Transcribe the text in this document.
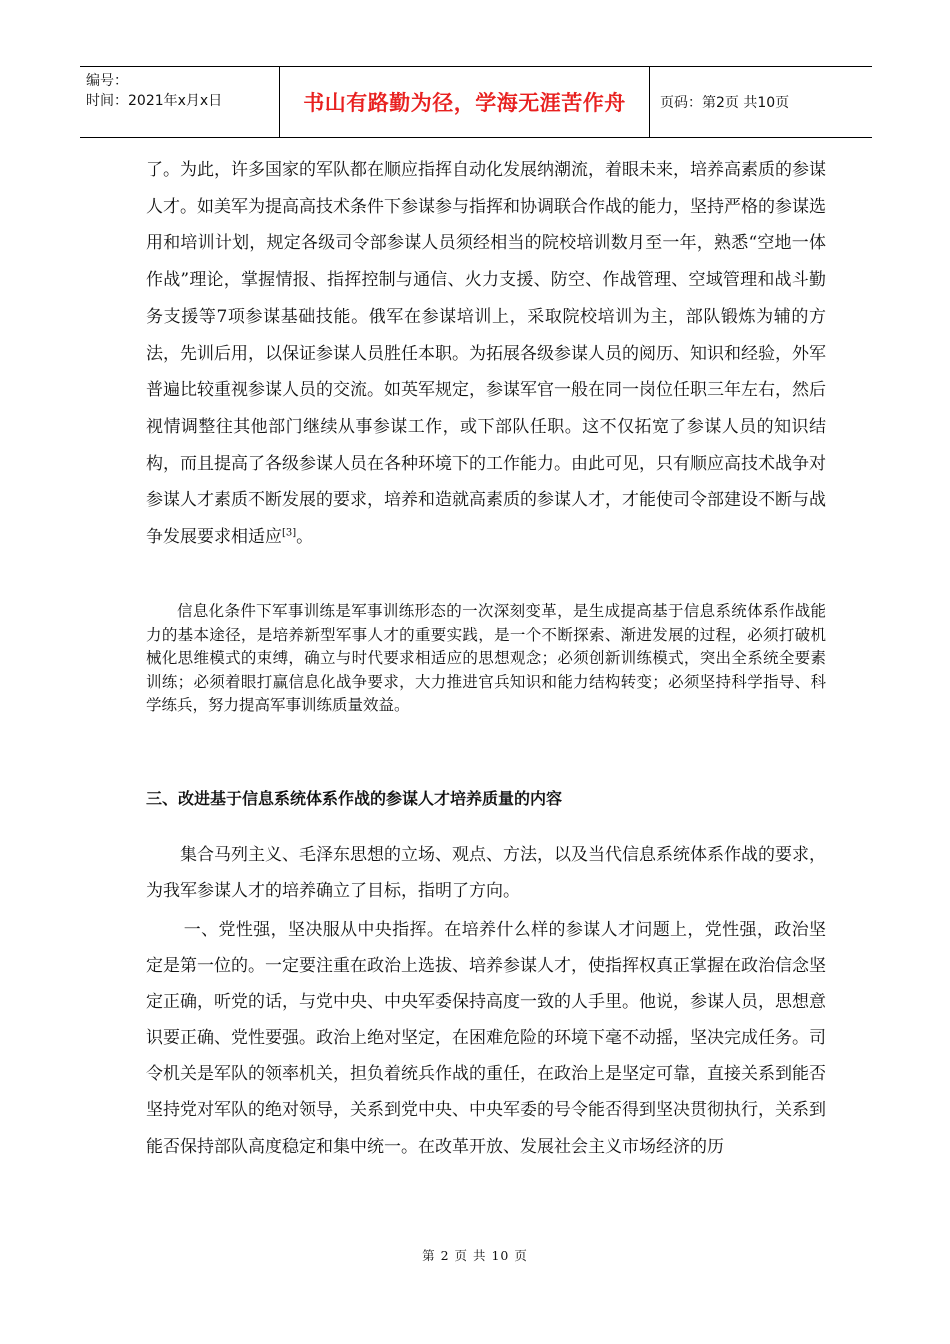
编号：
时间：2021年x月x日	书山有路勤为径，学海无涯苦作舟	页码：第2页 共10页
了。为此，许多国家的军队都在顺应指挥自动化发展纳潮流，着眼未来，培养高素质的参谋人才。如美军为提高高技术条件下参谋参与指挥和协调联合作战的能力，坚持严格的参谋选用和培训计划，规定各级司令部参谋人员须经相当的院校培训数月至一年，熟悉“空地一体作战”理论，掌握情报、指挥控制与通信、火力支援、防空、作战管理、空域管理和战斗勤务支援等7项参谋基础技能。俄军在参谋培训上，采取院校培训为主，部队锻炼为辅的方法，先训后用，以保证参谋人员胜任本职。为拓展各级参谋人员的阅历、知识和经验，外军普遍比较重视参谋人员的交流。如英军规定，参谋军官一般在同一岗位任职三年左右，然后视情调整往其他部门继续从事参谋工作，或下部队任职。这不仅拓宽了参谋人员的知识结构，而且提高了各级参谋人员在各种环境下的工作能力。由此可见，只有顺应高技术战争对参谋人才素质不断发展的要求，培养和造就高素质的参谋人才，才能使司令部建设不断与战争发展要求相适应[3]。
信息化条件下军事训练是军事训练形态的一次深刻变革，是生成提高基于信息系统体系作战能力的基本途径，是培养新型军事人才的重要实践，是一个不断探索、渐进发展的过程，必须打破机械化思维模式的束缚，确立与时代要求相适应的思想观念；必须创新训练模式，突出全系统全要素训练；必须着眼打赢信息化战争要求，大力推进官兵知识和能力结构转变；必须坚持科学指导、科学练兵，努力提高军事训练质量效益。
三、改进基于信息系统体系作战的参谋人才培养质量的内容
集合马列主义、毛泽东思想的立场、观点、方法，以及当代信息系统体系作战的要求，为我军参谋人才的培养确立了目标，指明了方向。
一、党性强，坚决服从中央指挥。在培养什么样的参谋人才问题上，党性强，政治坚定是第一位的。一定要注重在政治上选拔、培养参谋人才，使指挥权真正掌握在政治信念坚定正确，听党的话，与党中央、中央军委保持高度一致的人手里。他说，参谋人员，思想意识要正确、党性要强。政治上绝对坚定，在困难危险的环境下毫不动摇，坚决完成任务。司令机关是军队的领率机关，担负着统兵作战的重任，在政治上是坚定可靠，直接关系到能否坚持党对军队的绝对领导，关系到党中央、中央军委的号令能否得到坚决贯彻执行，关系到能否保持部队高度稳定和集中统一。在改革开放、发展社会主义市场经济的历
第 2 页 共 10 页
